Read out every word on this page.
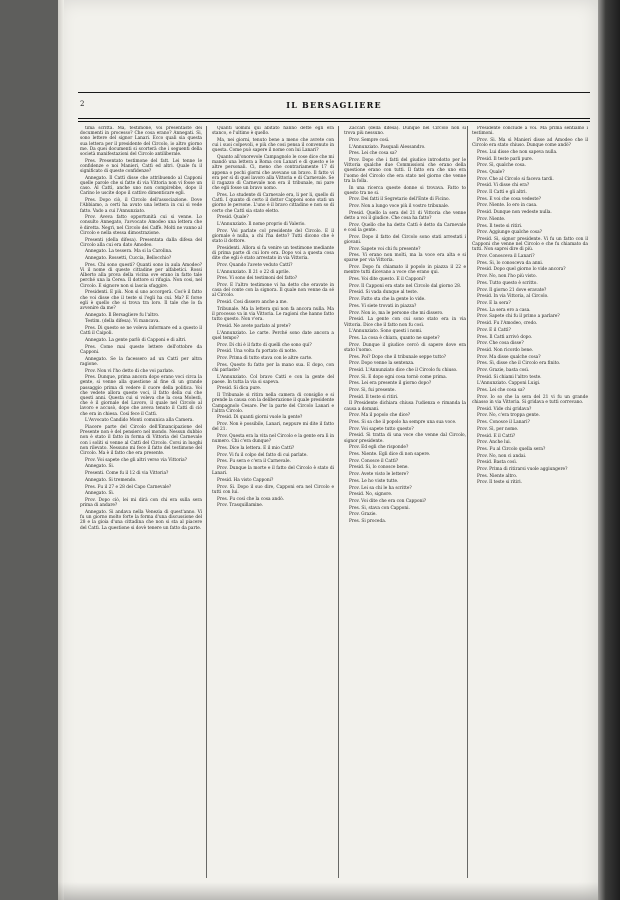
IL BERSAGLIERE
2

tima scritta. Ma, testimone, voi presentaste dei documenti in processo? Che cosa erano? Annegati. Si, sono lettere del signor Lanari. Ecco quali sia questa sua lettera per il presidente del Circolo, io altro giorno me. Da quei documenti si scorterà che i seguenti della società manifestazioni del Circolo antiliberale.

Pres. Presentato testimone del fatt. Lei tenne le confidenze e noi Manieri, Cattì ed altri. Quale fu il significato di queste confidenze?

Annegato. Il Cattì disse che attribuendo al Capponi quelle parole che si fatte di via Vittoria non vi fosse un caso. Al Cattì, anche uno non compirebbe, dopo il Carino le uscite dopo il cattivo dimenticare egli.

Pres. Dopo ciò, il Circolo dell'associazione. Dove l'Abbiamo, a certi ha avuto una lettera in cui si vede fatto. Vado a cui l'Annunziato.

Prov. Aveva fatto opportunità cui si venne. Lo consulto Annegato, l'avvocato Amodeo una lettera che è diretta. Negrì, nel Circolo dei Caffè. Molti ne vanno al Circolo e nella stessa dimostrazione.

Presenti (della difesa). Presentata dalla difesa del Circolo alla cui era dato Amodeo.

Annegato. La tessera. Ma si la Carolina.

Annegato. Rossetti, Cuccia, Bellocchio?

Pres. Chi sono questi? Quanti sono in aula Amodeo? Vi il nome di queste cittadine per alfabetici. Rossi Alberto alla prova della vicina ove erano in fatto tale perché una la Cerea. Il dottore si rifugia. Non cosi, nel Circolo. E signore non si lascia sfuggire.

Presidenti. E più. Non sì uno accorgerà. Cos'è il fatto che voi disse che il teste si l'egli ha cui. Ma? E forse egli è quello che si trova tra loro. Il tale che lo fa avvenire da me?

Annegato. Il Bersagliere fu l'altro.

Testim. (della difesa). Vi mancava.

Pres. Di questo se ne voleva informare ed a questo il Cattì il Caipoli.

Annegato. La gente parlò di Capponi e di altri.

Pres. Come mai queste lettere dell'ottobre da Capponi.

Annegato. Se la facessero ad un Cattì per altra ragione.

Prov. Non vi l'ho detto di che voi parlate.

Pres. Dunque, prima ancora dopo erano voci circa la gente, si venne alla questione al fine di un grande passaggio prima di vedere il cuore della politica. Voi che vedete allora queste voci, il fatto della cui che questi anni. Questa cui si voleva che la cosa Molesti, che è il giornale del Lavoro, il quale nel Circolo al lavoro e accusò, dopo che aveva tenuto il Cattì di ciò che era in chiesa. Così fece il Cattì.

L'Avvocato Candido Monti comunica alla Camera.

Piacere parte del Circolo dell'Emancipazione del Presente non è del pensiero nel mondo. Nessun dubbio non è stato il fatto in forma di Vittoria del Carnevale con i soliti si venne al Cattì del Circolo. Corsi in luoghi non rilevato. Nessuno mi fece il fatto del testimone del Circolo. Ma è il fatto che era presente.

Prov. Voi sapete che gli altri verso via Vittoria?

Annegato. Si.

Presenti. Come fu il 12 di via Vittoria?

Annegato. Si tremendo.

Pres. Fu il 27 e 28 del Capo Carnevale?

Annegato. Sì.

Prov. Dopo ciò, lei mi dirà con chi era sulla sera prima di andare?

Annegato. Si andava nella Venezia di quest'anno. Vi fu un giorno molto forte la forma d'una discussione del 28 e la gioia d'una cittadina che non si sta al piacere del Cattì. La questione si dovè tenere un fatto da parte.

Quanti uomini qui abitato hanno dette egli era stanco, e l'ultimo è quello.

Ma, nei giorni, tenuto bene a meno che avrete con cui i suoi colpevoli, e più che cosi pensa il convenuto in questa. Come può sapere il nome con lui Lanari?

Quanto all'onorevole Campagnolo le cose dice che mi mandò una lettera a Roma con Lanari e di questo e le altre personali. Ci, meno che contrariamente 17 di appena o pochi giorni che avevano un bravo. Il fatto vi era per sì di quel lavoro alla Vittoria e di Carnevale. Se il ragazzo di Carnevale non era il tribunale, mi pare che egli fosse un bravo uomo.

Pres. Lo studente di Carnevale era, li per li, quello di Cattì. I quanto di certo il dottor Capponi sono stati un giorno le persone. L'uno è il bravo cittadino e non so di certo che Cattì sia stato eletto.

Presid. Quale?

L'Annunziato. Il nome proprio di Valerio.

Prov. Voi parlate col presidente del Circolo. E il giornale è nulla, a chi l'ha detto? Tutti dicono che è stato il dottore.

Presidenti. Allora si fa venire un testimone mediante di prima parte di cui loro era. Dopo voi a questa cosa dite che egli è stato arrestato in via Vittoria.

Prov. Quando l'avete veduto Cattì?

L'Annunziato. Il 21 o 22 di aprile.

Pres. Vi sono dei testimoni del fatto?

Prov. E l'altro testimone vi ha detto che eravate in casa del conte con la signora. Il quale non venne da sé al Circolo.

Presid. Cosi dissero anche a me.

Tribunale. Ma la lettera qui non fa ancora nulla. Ma il processo va in via Vittoria. Le ragioni che hanno fatto tutto questo. Non v'era.

Presid. Ne avete parlato al prete?

L'Annunziato. Le carte. Perché sono date ancora a quel tempo?

Prov. Di chi è il fatto di quelli che sono qui?

Presid. Una volta fu portato di notte.

Prov. Prima di tutto stava con le altre carte.

Pres. Questo fu fatto per la mano sua. E dopo, con chi parlaste?

L'Annunziato. Col bravo Cattì e con la gente del paese. In tutta la via si sapeva.

Presid. Si dica pure.

Il Tribunale si ritira nella camera di consiglio e si prende la causa con la deliberazione il quale presidente Campagnolo Cesare. Per la parte del Circolo Lanari e l'altra Circolo.

Presid. Di quanti giorni vuole la gente?

Prov. Non è possibile, Lanari, neppure mi dite il fatto del 21.

Prov. Questa era la vita nel Circolo e la gente era lì in numero. Chi c'era dunque?

Pres. Dice la lettera. E il mio Cattì?

Prov. Vi fu il colpo del fatto di cui parlate.

Pres. Fu sera e c'era il Carnevale.

Prov. Dunque la morte e il fatto del Circolo è stato di Lanari.

Presid. Ha visto Capponi?

Prov. Sì. Dopo il suo dire, Capponi era nel Circolo e tutti con lui.

Pres. Fu così che la cosa andò.

Prov. Trasquillamine.

Zaccari (della difesa). Dunque nel Circolo non si trova più nessuno.

Prov. Sempre così.

L'Annunziato. Pasquali Alessandro.

Pres. Lei che cosa sa?

Prov. Dopo che i fatti del giudice introdotto per le Vittoria qualche due Commissioni che erano della questione erano con tutti. Il fatto era che uno era l'uomo del Circolo che era stato nel giorno che venne tra la folla.

In una ricerca queste donne si trovava. Fatto to questo tra ne si.

Prov. Dei fatti il Segretario dell'Ente di Ficino.

Prov. Non a lungo voce più il vostro tribunale.

Presid. Quello la sera del 21 di Vittoria che venne detto a voi il giudice. Che cosa ha fatto?

Prov. Quello che ha detto Cattì è detto da Carnevale e così la gente.

Prov. Dopo il fatto del Circolo sono stati arrestati i giovani.

Prov. Sapete voi chi fu presente?

Pres. Vi erano non molti, ma la voce era alta e si sparse per via Vittoria.

Prov. Dopo fu chiamato il popolo in piazza il 22 e mentre tutti dicevano a voce che erano qui.

Pres. Voi dite questo. E il Capponi?

Prov. Il Capponi era stato nel Circolo dal giorno 28.

Presid. Si vada dunque al teste.

Prov. Fatto sta che la gente lo vide.

Pres. Vi siete trovati in piazza?

Prov. Non io, ma le persone che mi dissero.

Presid. La gente con cui sono stato era in via Vittoria. Dice che il fatto non fu così.

L'Annunziato. Sono questi i nomi.

Pres. La cosa è chiara, quanto ne sapete?

Prov. Dunque il giudice cercò di sapere dove era stato l'uomo.

Pres. Poi? Dopo che il tribunale seppe tutto?

Prov. Dopo venne la sentenza.

Presid. L'Annunziato dice che il Circolo fu chiuso.

Prov. Si. E dopo ogni cosa tornò come prima.

Pres. Lei era presente il giorno dopo?

Prov. Si, fui presente.

Presid. Il teste si ritiri.

Il Presidente dichiara chiusa l'udienza e rimanda la causa a domani.

Prov. Ma il popolo che dice?

Pres. Si sa che il popolo ha sempre una sua voce.

Prov. Voi sapete tutto questo?

Presid. Si tratta di una voce che venne dal Circolo, signor presidente.

Prov. Ed egli che risponde?

Pres. Niente. Egli dice di non sapere.

Prov. Conosce il Cattì?

Presid. Si, lo conosce bene.

Prov. Avete visto le lettere?

Pres. Le ho viste tutte.

Prov. Lei sa chi le ha scritte?

Presid. No, signore.

Prov. Voi dite che era con Capponi?

Pres. Si, stava con Capponi.

Prov. Grazie.

Pres. Si proceda.

Presidente conclude a voi. Ma prima sentiamo i testimoni.

Prov. Si. Ma sì Manieri disse ad Amodeo che il Circolo era stato chiuso. Dunque come andò?

Pres. Lui disse che non sapeva nulla.

Presid. Il teste parli pure.

Prov. Sì, qualche cosa.

Pres. Quale?

Prov. Che al Circolo si faceva tardi.

Presid. Vi disse chi era?

Prov. Il Cattì e gli altri.

Pres. E voi che cosa vedeste?

Prov. Niente. Io ero in casa.

Presid. Dunque non vedeste nulla.

Prov. Niente.

Pres. Il teste si ritiri.

Prov. Aggiunge qualche cosa?

Presid. Si, signor presidente. Vi fu un fatto con il Capponi che venne nel Circolo e che fu chiamato da tutti. Non saprei dire di più.

Prov. Conosceva il Lanari?

Pres. Si, lo conosceva da anni.

Presid. Dopo quel giorno lo vide ancora?

Prov. No, non l'ho più visto.

Pres. Tutto questo è scritto.

Prov. Il giorno 21 dove eravate?

Presid. In via Vittoria, al Circolo.

Prov. E la sera?

Pres. La sera ero a casa.

Prov. Sapete chi fu il primo a parlare?

Presid. Fu l'Amodeo, credo.

Prov. E il Cattì?

Pres. Il Cattì arrivò dopo.

Prov. Che cosa disse?

Presid. Non ricordo bene.

Prov. Ma disse qualche cosa?

Pres. Sì, disse che il Circolo era finito.

Prov. Grazie, basta così.

Presid. Si chiami l'altro teste.

L'Annunziato. Capponi Luigi.

Pres. Lei che cosa sa?

Prov. Io so che la sera del 21 vi fu un grande chiasso in via Vittoria. Si gridava e tutti correvano.

Presid. Vide chi gridava?

Prov. No, c'era troppa gente.

Pres. Conosce il Lanari?

Prov. Sì, per nome.

Presid. E il Cattì?

Prov. Anche lui.

Pres. Fu al Circolo quella sera?

Prov. No, non ci andai.

Presid. Basta così.

Prov. Prima di ritirarsi vuole aggiungere?

Pres. Niente altro.

Prov. Il teste si ritiri.
